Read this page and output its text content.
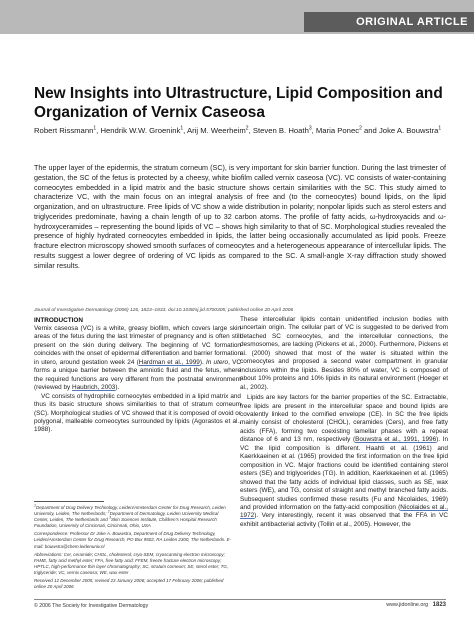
ORIGINAL ARTICLE
New Insights into Ultrastructure, Lipid Composition and Organization of Vernix Caseosa
Robert Rissmann$^1$, Hendrik W.W. Groenink$^1$, Arij M. Weerheim$^2$, Steven B. Hoath$^3$, Maria Ponec$^2$ and Joke A. Bouwstra$^1$
The upper layer of the epidermis, the stratum corneum (SC), is very important for skin barrier function. During the last trimester of gestation, the SC of the fetus is protected by a cheesy, white biofilm called vernix caseosa (VC). VC consists of water-containing corneocytes embedded in a lipid matrix and the basic structure shows certain similarities with the SC. This study aimed to characterize VC, with the main focus on an integral analysis of free and (to the corneocytes) bound lipids, on the lipid organization, and on ultrastructure. Free lipids of VC show a wide distribution in polarity; nonpolar lipids such as sterol esters and triglycerides predominate, having a chain length of up to 32 carbon atoms. The profile of fatty acids, ω-hydroxyacids and ω-hydroxyceramides – representing the bound lipids of VC – shows high similarity to that of SC. Morphological studies revealed the presence of highly hydrated corneocytes embedded in lipids, the latter being occasionally accumulated as lipid pools. Freeze fracture electron microscopy showed smooth surfaces of corneocytes and a heterogeneous appearance of intercellular lipids. The results suggest a lower degree of ordering of VC lipids as compared to the SC. A small-angle X-ray diffraction study showed similar results.
Journal of Investigative Dermatology (2006) 126, 1823–1833. doi:10.1038/sj.jid.5700305; published online 20 April 2006
INTRODUCTION

Vernix caseosa (VC) is a white, greasy biofilm, which covers large skin areas of the fetus during the last trimester of pregnancy and is often still present on the skin during delivery. The beginning of VC formation coincides with the onset of epidermal differentiation and barrier formation in utero, around gestation week 24 (Hardman et al., 1999). In utero, VC forms a unique barrier between the amniotic fluid and the fetus, where the required functions are very different from the postnatal environment (reviewed by Haubrich, 2003).

VC consists of hydrophilic corneocytes embedded in a lipid matrix and thus its basic structure shows similarities to that of stratum corneum (SC). Morphological studies of VC showed that it is composed of ovoid or polygonal, malleable corneocytes surrounded by lipids (Agorastos et al., 1988).

These intercellular lipids contain unidentified inclusion bodies with uncertain origin. The cellular part of VC is suggested to be derived from detached SC corneocytes, and the intercellular connections, the desmosomes, are lacking (Pickens et al., 2000). Furthermore, Pickens et al. (2000) showed that most of the water is situated within the corneocytes and proposed a second water compartment in granular inclusions within the lipids. Besides 80% of water, VC is composed of about 10% proteins and 10% lipids in its natural environment (Hoeger et al., 2002).

Lipids are key factors for the barrier properties of the SC. Extractable, free lipids are present in the intercellular space and bound lipids are covalently linked to the cornified envelope (CE). In SC the free lipids mainly consist of cholesterol (CHOL), ceramides (Cers), and free fatty acids (FFA), forming two coexisting lamellar phases with a repeat distance of 6 and 13 nm, respectively (Bouwstra et al., 1991, 1996). In VC the lipid composition is different. Haahti et al. (1961) and Kaerkkaeinen et al. (1965) provided the first information on the free lipid composition in VC. Major fractions could be identified containing sterol esters (SE) and triglycerides (TG). In addition, Kaerkkaeinen et al. (1965) showed that the fatty acids of individual lipid classes, such as SE, wax esters (WE), and TG, consist of straight and methyl branched fatty acids. Subsequent studies confirmed these results (Fu and Nicolaides, 1969) and provided information on the fatty-acid composition (Nicolaides et al., 1972). Very interestingly, recent it was observed that the FFA in VC exhibit antibacterial activity (Tollin et al., 2005). However, the

$^1$Department of Drug Delivery Technology, Leiden/Amsterdam Center for Drug Research, Leiden University, Leiden, The Netherlands; $^2$Department of Dermatology, Leiden University Medical Center, Leiden, The Netherlands and $^3$Skin Sciences Institute, Children’s Hospital Research Foundation, University of Cincinnati, Cincinnati, Ohio, USA

Correspondence: Professor Dr Joke A. Bouwstra, Department of Drug Delivery Technology, Leiden/Amsterdam Center for Drug Research, PO Box 9502, RA Leiden 2300, The Netherlands. E-mail: bouwstra@chem.leidenuniv.nl

Abbreviations: Cer, ceramide; CHOL, cholesterol; cryo-SEM, cryoscanning electron microscopy; FAME, fatty acid methyl ester; FFA, free fatty acid; FFEM, freeze fracture electron microscopy; HPTLC, high-performance thin layer chromatography; SC, stratum corneum; SE, sterol ester; TG, triglyceride; VC, vernix caseosa; WE, wax ester

Received 12 December 2005; revised 23 January 2006; accepted 17 February 2006; published online 20 April 2006

© 2006 The Society for Investigative Dermatology	www.jidonline.org 1823
